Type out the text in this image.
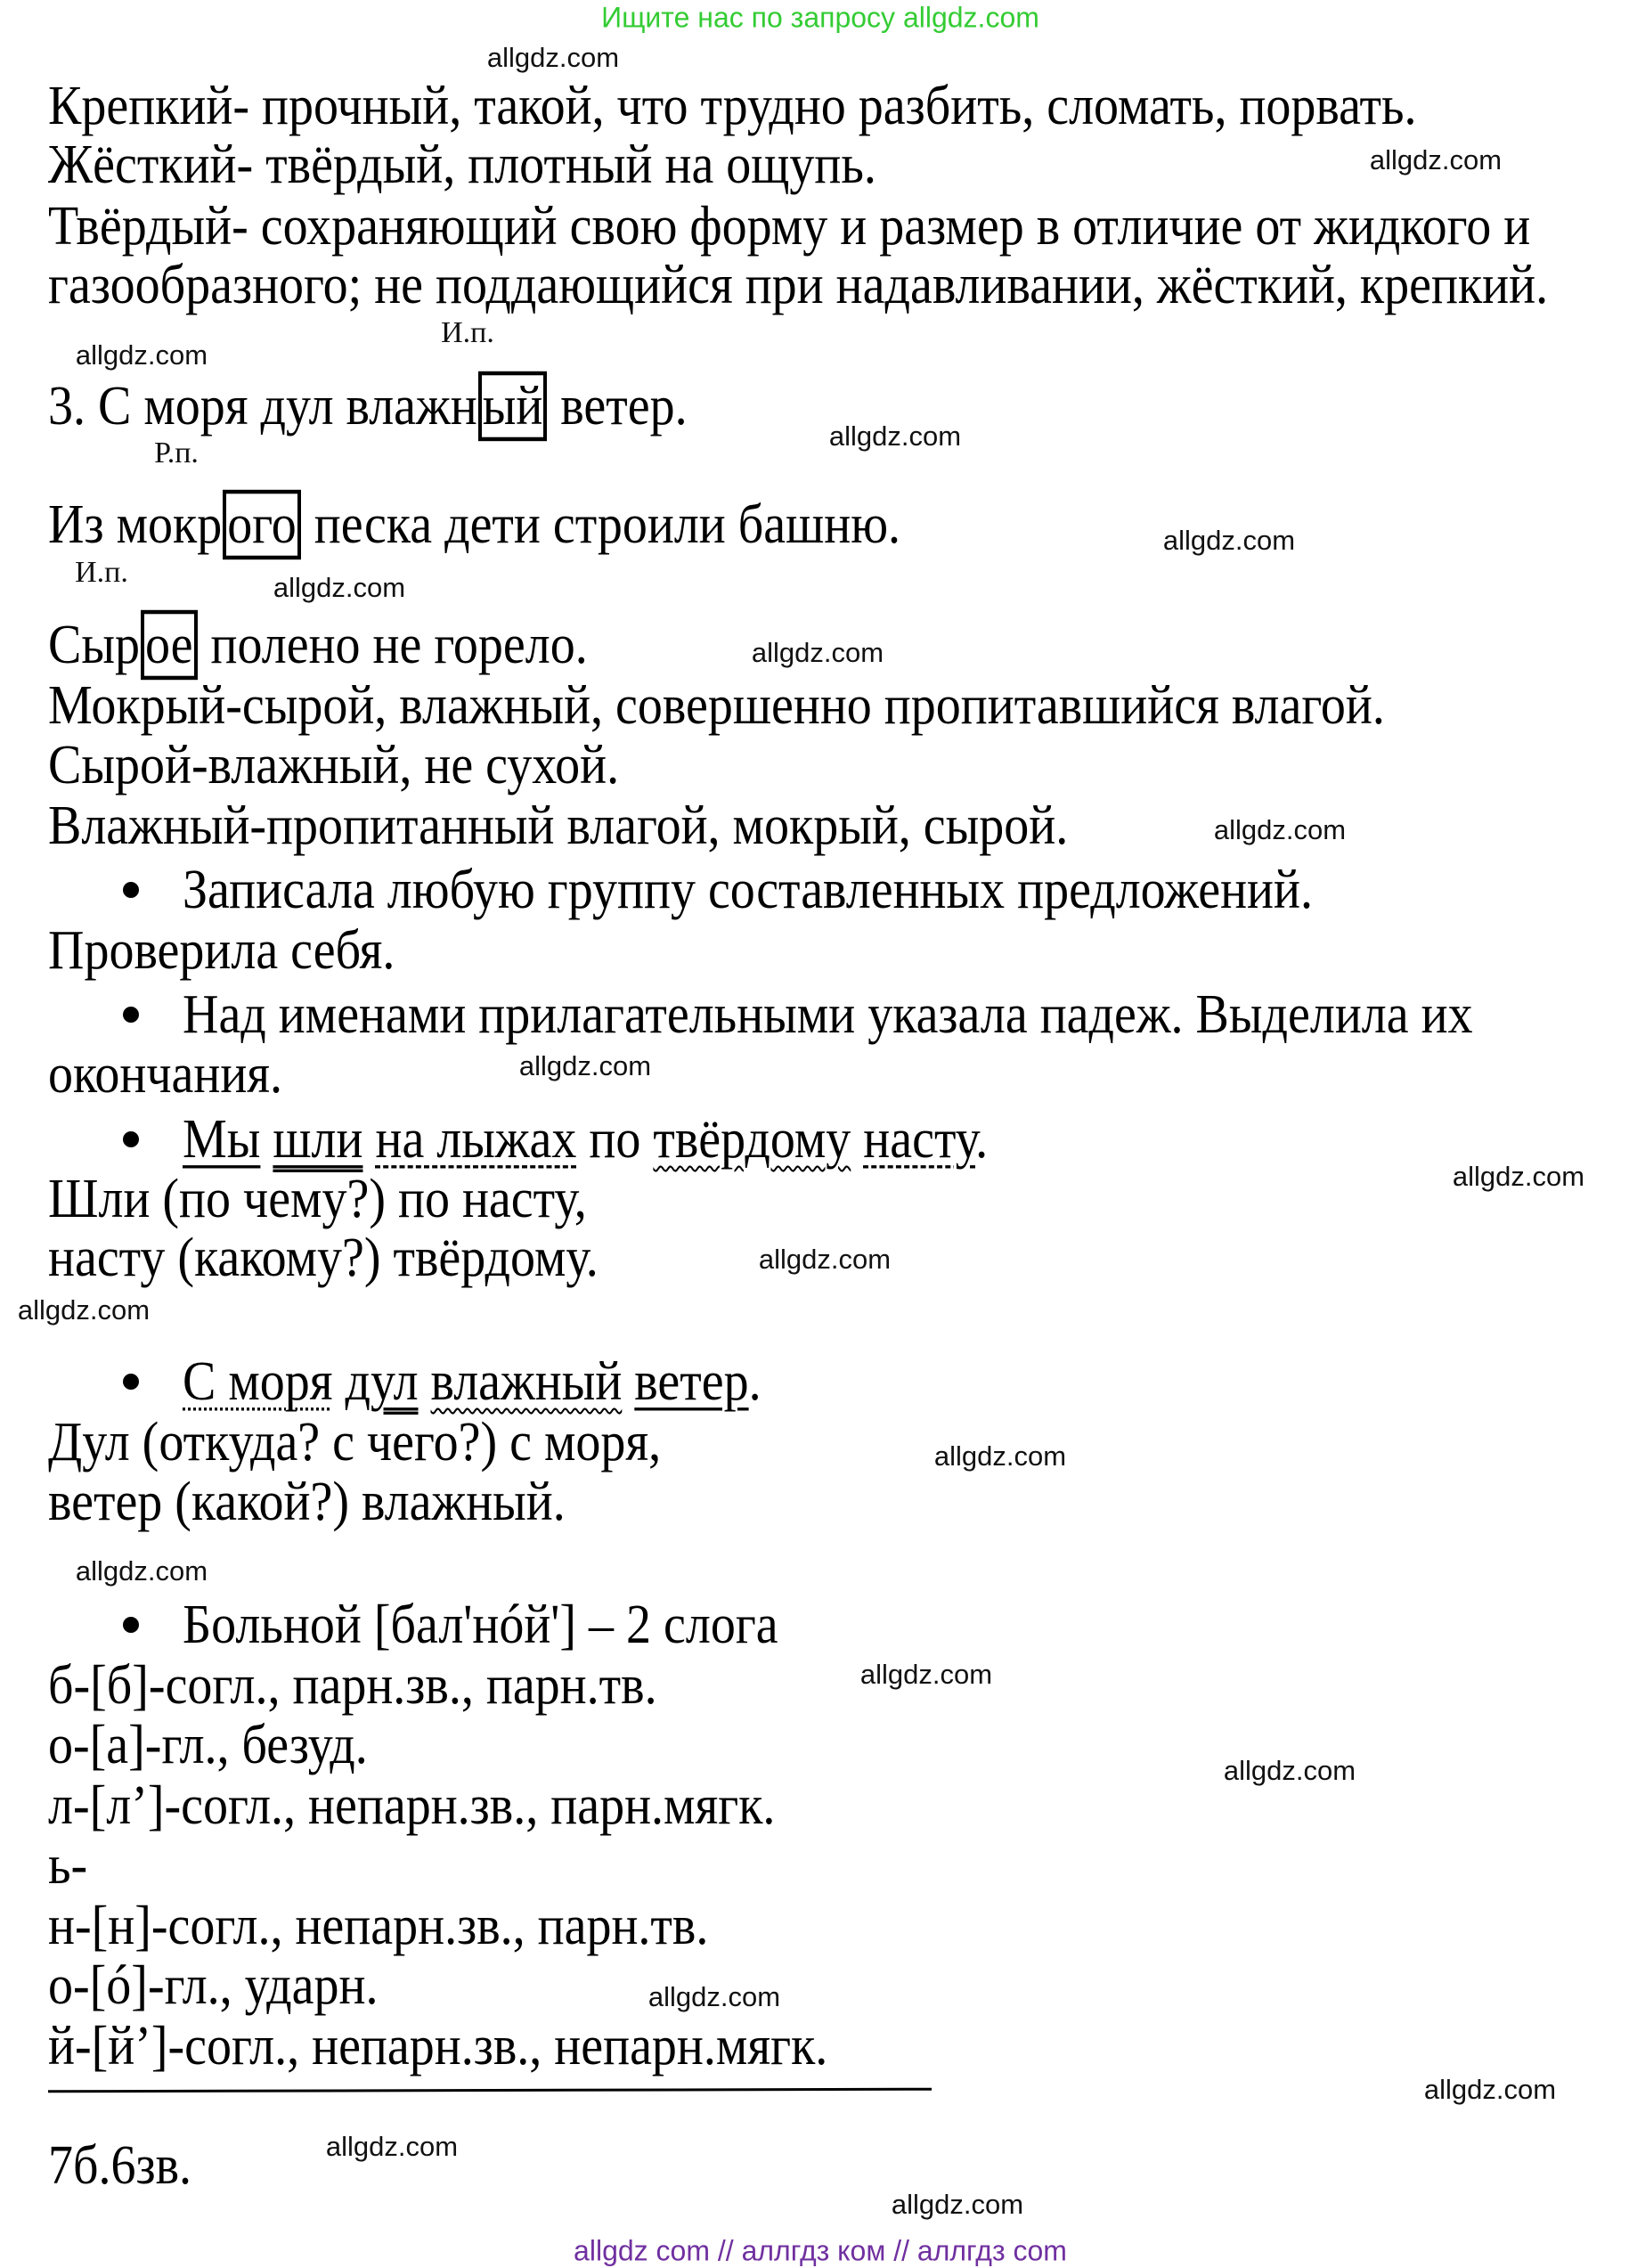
Ищите нас по запросу allgdz.com
Крепкий- прочный, такой, что трудно разбить, сломать, порвать.
Жёсткий- твёрдый, плотный на ощупь.
Твёрдый- сохраняющий свою форму и размер в отличие от жидкого и
газообразного; не поддающийся при надавливании, жёсткий, крепкий.
И.п.
3. С моря дул влажн ый ветер.
Р.п.
Из мокр ого песка дети строили башню.
И.п.
Сыр ое полено не горело.
Мокрый-сырой, влажный, совершенно пропитавшийся влагой.
Сырой-влажный, не сухой.
Влажный-пропитанный влагой, мокрый, сырой.
Записала любую группу составленных предложений.
Проверила себя.
Над именами прилагательными указала падеж. Выделила их
окончания.
Мы шли на лыжах по твёрдому насту.
Шли (по чему?) по насту,
насту (какому?) твёрдому.
С моря дул влажный ветер.
Дул (откуда? с чего?) с моря,
ветер (какой?) влажный.
Больной [бал'нóй'] – 2 слога
б-[б]-согл., парн.зв., парн.тв.
о-[а]-гл., безуд.
л-[л’]-согл., непарн.зв., парн.мягк.
ь-
н-[н]-согл., непарн.зв., парн.тв.
о-[ó]-гл., ударн.
й-[й’]-согл., непарн.зв., непарн.мягк.
7б.6зв.
allgdz.com
allgdz.com
allgdz.com
allgdz.com
allgdz.com
allgdz.com
allgdz.com
allgdz.com
allgdz.com
allgdz.com
allgdz.com
allgdz.com
allgdz.com
allgdz.com
allgdz.com
allgdz.com
allgdz.com
allgdz.com
allgdz.com
allgdz.com
allgdz com // аллгдз ком // аллгдз com
